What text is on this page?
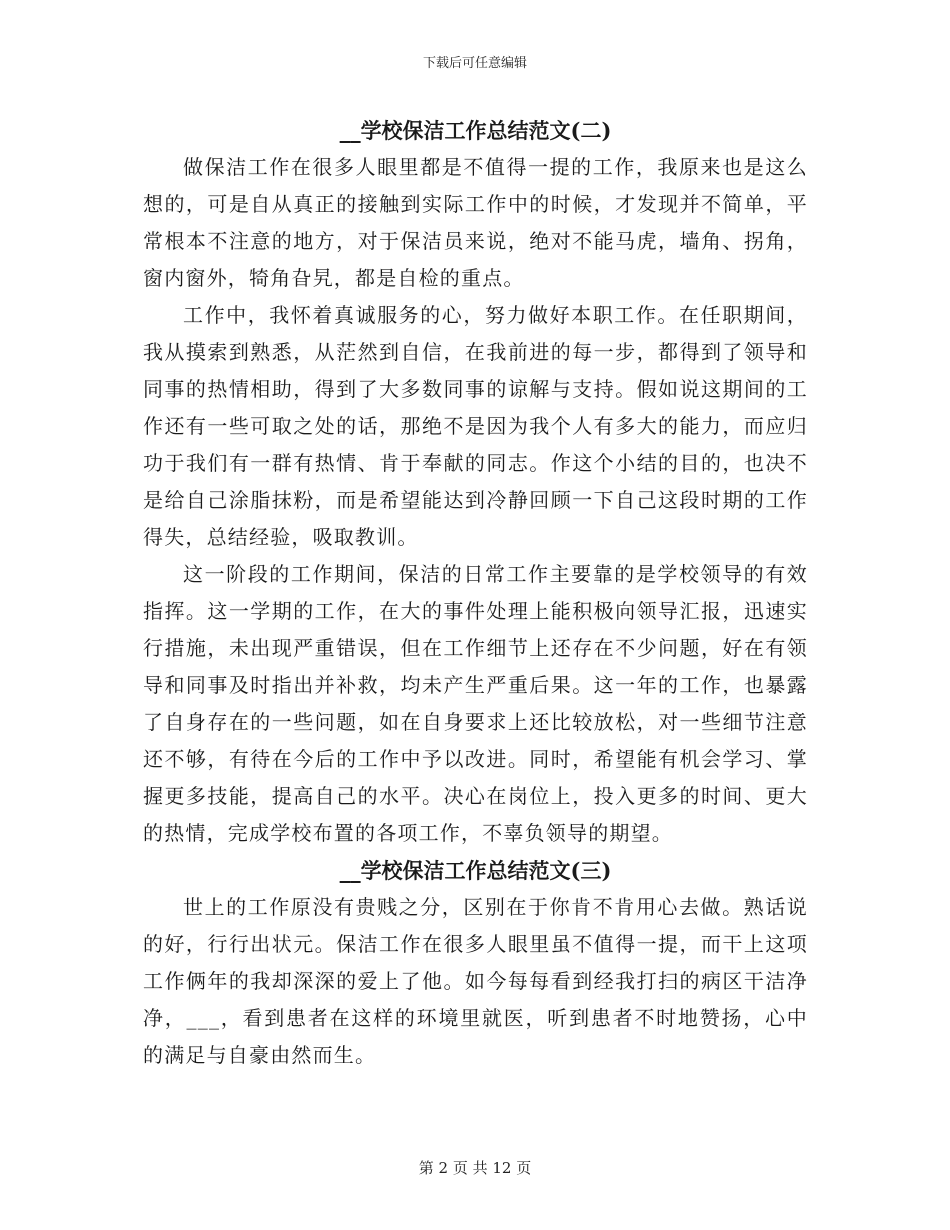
下载后可任意编辑
__学校保洁工作总结范文(二)

做保洁工作在很多人眼里都是不值得一提的工作，我原来也是这么想的，可是自从真正的接触到实际工作中的时候，才发现并不简单，平常根本不注意的地方，对于保洁员来说，绝对不能马虎，墙角、拐角，窗内窗外，犄角旮旯，都是自检的重点。

工作中，我怀着真诚服务的心，努力做好本职工作。在任职期间，我从摸索到熟悉，从茫然到自信，在我前进的每一步，都得到了领导和同事的热情相助，得到了大多数同事的谅解与支持。假如说这期间的工作还有一些可取之处的话，那绝不是因为我个人有多大的能力，而应归功于我们有一群有热情、肯于奉献的同志。作这个小结的目的，也决不是给自己涂脂抹粉，而是希望能达到冷静回顾一下自己这段时期的工作得失，总结经验，吸取教训。

这一阶段的工作期间，保洁的日常工作主要靠的是学校领导的有效指挥。这一学期的工作，在大的事件处理上能积极向领导汇报，迅速实行措施，未出现严重错误，但在工作细节上还存在不少问题，好在有领导和同事及时指出并补救，均未产生严重后果。这一年的工作，也暴露了自身存在的一些问题，如在自身要求上还比较放松，对一些细节注意还不够，有待在今后的工作中予以改进。同时，希望能有机会学习、掌握更多技能，提高自己的水平。决心在岗位上，投入更多的时间、更大的热情，完成学校布置的各项工作，不辜负领导的期望。

__学校保洁工作总结范文(三)

世上的工作原没有贵贱之分，区别在于你肯不肯用心去做。熟话说的好，行行出状元。保洁工作在很多人眼里虽不值得一提，而干上这项工作俩年的我却深深的爱上了他。如今每每看到经我打扫的病区干洁净净，___，看到患者在这样的环境里就医，听到患者不时地赞扬，心中的满足与自豪由然而生。

第 2 页 共 12 页
